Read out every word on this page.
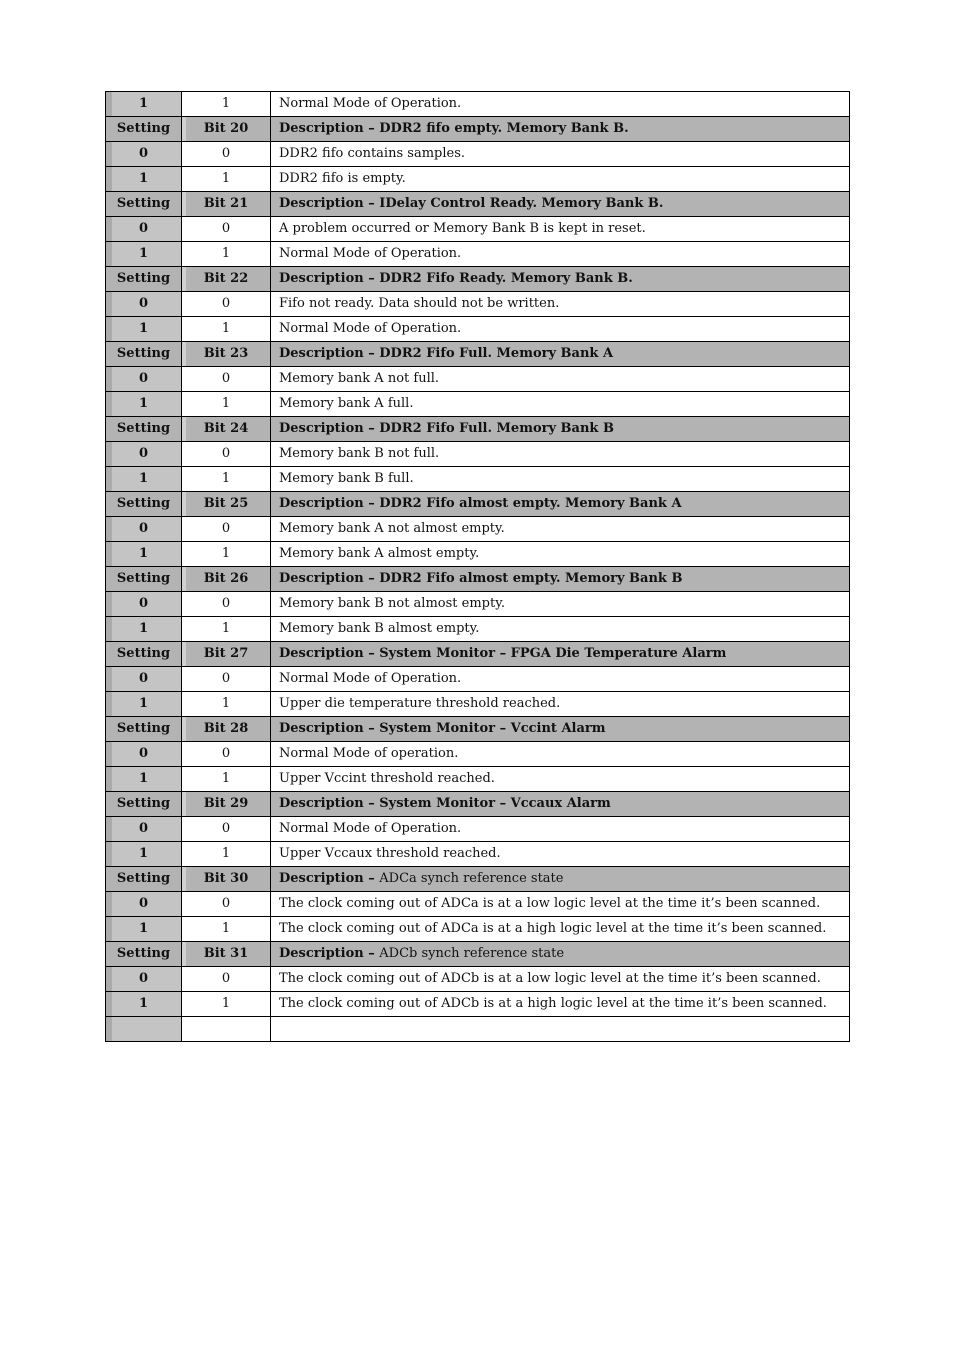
1	1	Normal Mode of Operation.
Setting	Bit 20	Description – DDR2 fifo empty. Memory Bank B.
0	0	DDR2 fifo contains samples.
1	1	DDR2 fifo is empty.
Setting	Bit 21	Description – IDelay Control Ready. Memory Bank B.
0	0	A problem occurred or Memory Bank B is kept in reset.
1	1	Normal Mode of Operation.
Setting	Bit 22	Description – DDR2 Fifo Ready. Memory Bank B.
0	0	Fifo not ready. Data should not be written.
1	1	Normal Mode of Operation.
Setting	Bit 23	Description – DDR2 Fifo Full. Memory Bank A
0	0	Memory bank A not full.
1	1	Memory bank A full.
Setting	Bit 24	Description – DDR2 Fifo Full. Memory Bank B
0	0	Memory bank B not full.
1	1	Memory bank B full.
Setting	Bit 25	Description – DDR2 Fifo almost empty. Memory Bank A
0	0	Memory bank A not almost empty.
1	1	Memory bank A almost empty.
Setting	Bit 26	Description – DDR2 Fifo almost empty. Memory Bank B
0	0	Memory bank B not almost empty.
1	1	Memory bank B almost empty.
Setting	Bit 27	Description – System Monitor – FPGA Die Temperature Alarm
0	0	Normal Mode of Operation.
1	1	Upper die temperature threshold reached.
Setting	Bit 28	Description – System Monitor – Vccint Alarm
0	0	Normal Mode of operation.
1	1	Upper Vccint threshold reached.
Setting	Bit 29	Description – System Monitor – Vccaux Alarm
0	0	Normal Mode of Operation.
1	1	Upper Vccaux threshold reached.
Setting	Bit 30	Description – ADCa synch reference state
0	0	The clock coming out of ADCa is at a low logic level at the time it’s been scanned.
1	1	The clock coming out of ADCa is at a high logic level at the time it’s been scanned.
Setting	Bit 31	Description – ADCb synch reference state
0	0	The clock coming out of ADCb is at a low logic level at the time it’s been scanned.
1	1	The clock coming out of ADCb is at a high logic level at the time it’s been scanned.
